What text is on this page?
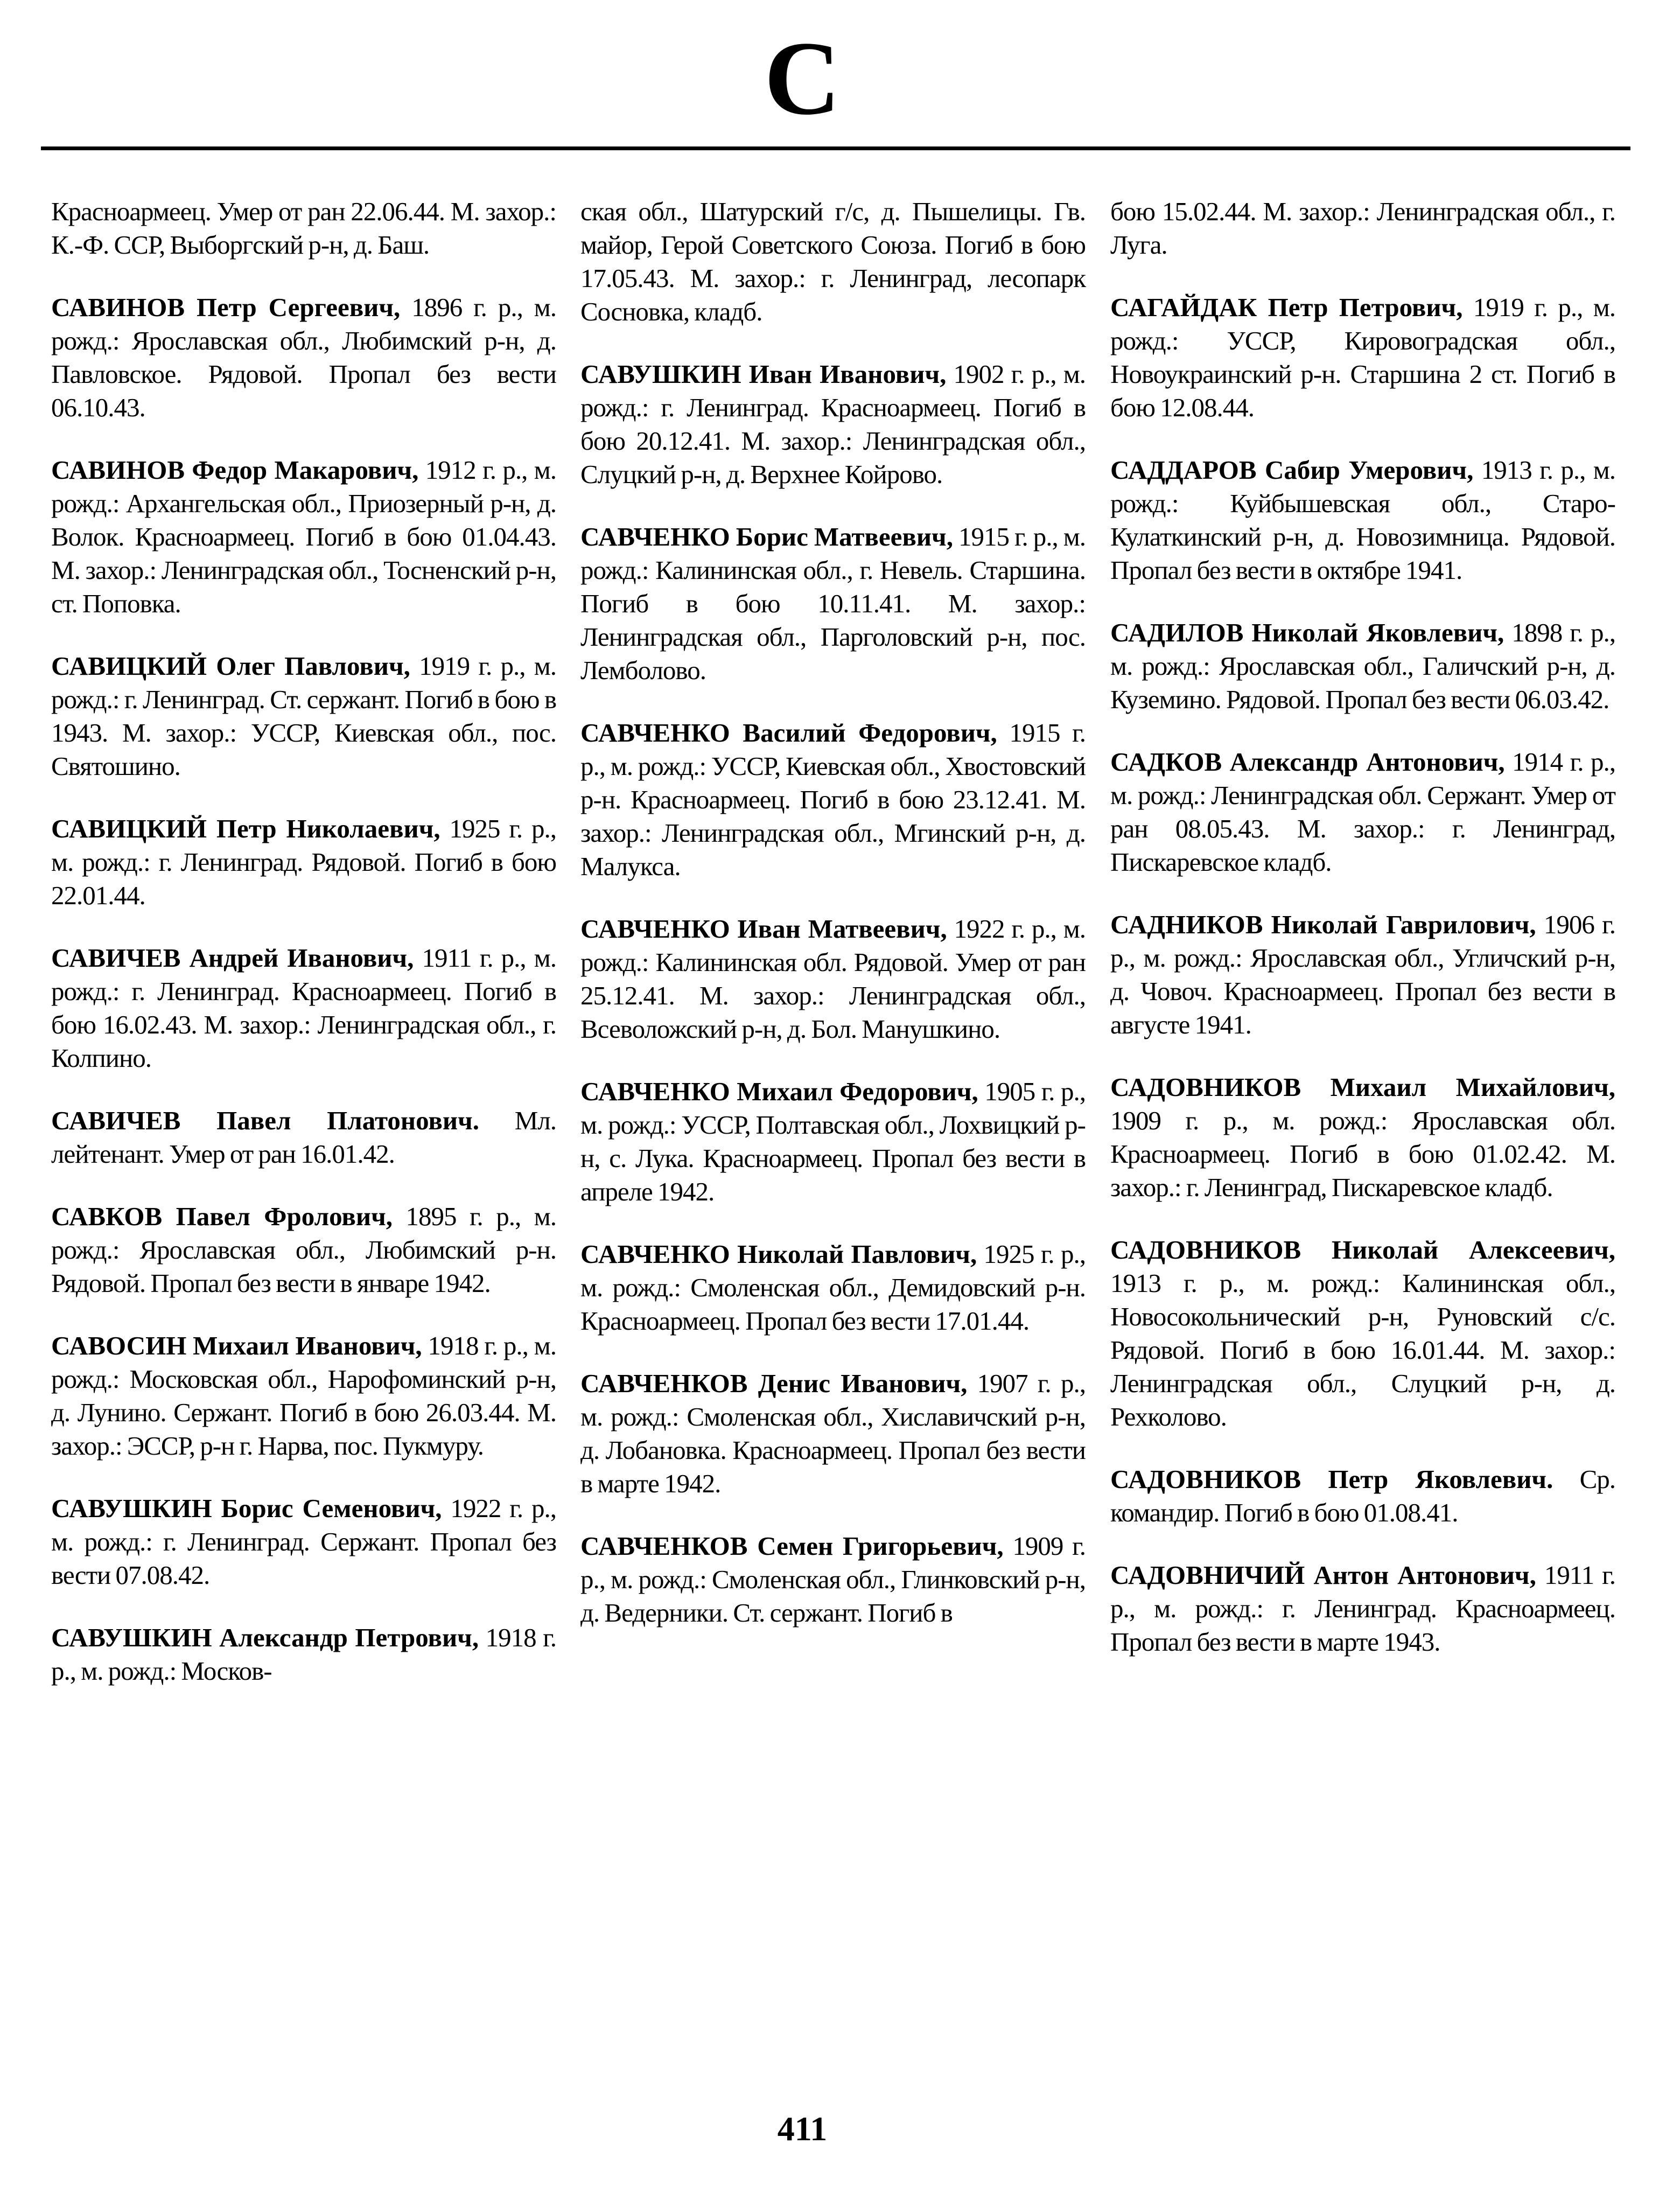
С

Красноармеец. Умер от ран 22.06.44. М. захор.: К.-Ф. ССР, Выборгский р-н, д. Баш.

САВИНОВ Петр Сергеевич, 1896 г. р., м. рожд.: Ярославская обл., Любимский р-н, д. Павловское. Рядовой. Пропал без вести 06.10.43.

САВИНОВ Федор Макарович, 1912 г. р., м. рожд.: Архангельская обл., Приозерный р-н, д. Волок. Красноармеец. Погиб в бою 01.04.43. М. захор.: Ленинградская обл., Тосненский р-н, ст. Поповка.

САВИЦКИЙ Олег Павлович, 1919 г. р., м. рожд.: г. Ленинград. Ст. сержант. Погиб в бою в 1943. М. захор.: УССР, Киевская обл., пос. Святошино.

САВИЦКИЙ Петр Николаевич, 1925 г. р., м. рожд.: г. Ленинград. Рядовой. Погиб в бою 22.01.44.

САВИЧЕВ Андрей Иванович, 1911 г. р., м. рожд.: г. Ленинград. Красноармеец. Погиб в бою 16.02.43. М. захор.: Ленинградская обл., г. Колпино.

САВИЧЕВ Павел Платонович. Мл. лейтенант. Умер от ран 16.01.42.

САВКОВ Павел Фролович, 1895 г. р., м. рожд.: Ярославская обл., Любимский р-н. Рядовой. Пропал без вести в январе 1942.

САВОСИН Михаил Иванович, 1918 г. р., м. рожд.: Московская обл., Нарофоминский р-н, д. Лунино. Сержант. Погиб в бою 26.03.44. М. захор.: ЭССР, р-н г. Нарва, пос. Пукмуру.

САВУШКИН Борис Семенович, 1922 г. р., м. рожд.: г. Ленинград. Сержант. Пропал без вести 07.08.42.

САВУШКИН Александр Петрович, 1918 г. р., м. рожд.: Москов-

ская обл., Шатурский г/с, д. Пышелицы. Гв. майор, Герой Советского Союза. Погиб в бою 17.05.43. М. захор.: г. Ленинград, лесопарк Сосновка, кладб.

САВУШКИН Иван Иванович, 1902 г. р., м. рожд.: г. Ленинград. Красноармеец. Погиб в бою 20.12.41. М. захор.: Ленинградская обл., Слуцкий р-н, д. Верхнее Койрово.

САВЧЕНКО Борис Матвеевич, 1915 г. р., м. рожд.: Калининская обл., г. Невель. Старшина. Погиб в бою 10.11.41. М. захор.: Ленинградская обл., Парголовский р-н, пос. Лемболово.

САВЧЕНКО Василий Федорович, 1915 г. р., м. рожд.: УССР, Киевская обл., Хвостовский р-н. Красноармеец. Погиб в бою 23.12.41. М. захор.: Ленинградская обл., Мгинский р-н, д. Малукса.

САВЧЕНКО Иван Матвеевич, 1922 г. р., м. рожд.: Калининская обл. Рядовой. Умер от ран 25.12.41. М. захор.: Ленинградская обл., Всеволожский р-н, д. Бол. Манушкино.

САВЧЕНКО Михаил Федорович, 1905 г. р., м. рожд.: УССР, Полтавская обл., Лохвицкий р-н, с. Лука. Красноармеец. Пропал без вести в апреле 1942.

САВЧЕНКО Николай Павлович, 1925 г. р., м. рожд.: Смоленская обл., Демидовский р-н. Красноармеец. Пропал без вести 17.01.44.

САВЧЕНКОВ Денис Иванович, 1907 г. р., м. рожд.: Смоленская обл., Хиславичский р-н, д. Лобановка. Красноармеец. Пропал без вести в марте 1942.

САВЧЕНКОВ Семен Григорьевич, 1909 г. р., м. рожд.: Смоленская обл., Глинковский р-н, д. Ведерники. Ст. сержант. Погиб в

бою 15.02.44. М. захор.: Ленинградская обл., г. Луга.

САГАЙДАК Петр Петрович, 1919 г. р., м. рожд.: УССР, Кировоградская обл., Новоукраинский р-н. Старшина 2 ст. Погиб в бою 12.08.44.

САДДАРОВ Сабир Умерович, 1913 г. р., м. рожд.: Куйбышевская обл., Старо-Кулаткинский р-н, д. Новозимница. Рядовой. Пропал без вести в октябре 1941.

САДИЛОВ Николай Яковлевич, 1898 г. р., м. рожд.: Ярославская обл., Галичский р-н, д. Куземино. Рядовой. Пропал без вести 06.03.42.

САДКОВ Александр Антонович, 1914 г. р., м. рожд.: Ленинградская обл. Сержант. Умер от ран 08.05.43. М. захор.: г. Ленинград, Пискаревское кладб.

САДНИКОВ Николай Гаврилович, 1906 г. р., м. рожд.: Ярославская обл., Угличский р-н, д. Човоч. Красноармеец. Пропал без вести в августе 1941.

САДОВНИКОВ Михаил Михайлович, 1909 г. р., м. рожд.: Ярославская обл. Красноармеец. Погиб в бою 01.02.42. М. захор.: г. Ленинград, Пискаревское кладб.

САДОВНИКОВ Николай Алексеевич, 1913 г. р., м. рожд.: Калининская обл., Новосокольнический р-н, Руновский с/с. Рядовой. Погиб в бою 16.01.44. М. захор.: Ленинградская обл., Слуцкий р-н, д. Рехколово.

САДОВНИКОВ Петр Яковлевич. Ср. командир. Погиб в бою 01.08.41.

САДОВНИЧИЙ Антон Антонович, 1911 г. р., м. рожд.: г. Ленинград. Красноармеец. Пропал без вести в марте 1943.

411
